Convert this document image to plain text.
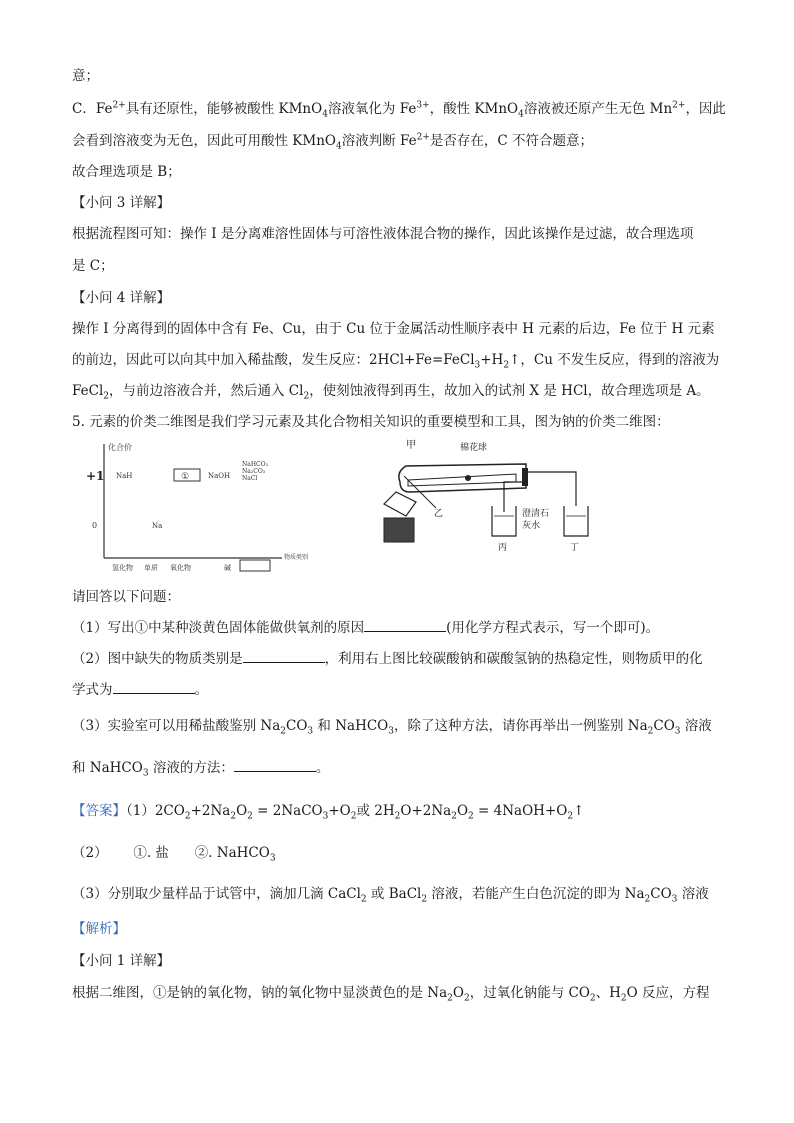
意；
C．$Fe^{2+}$具有还原性，能够被酸性 KMnO$_4$溶液氧化为 $Fe^{3+}$，酸性 KMnO$_4$溶液被还原产生无色 $Mn^{2+}$，因此
会看到溶液变为无色，因此可用酸性 KMnO$_4$溶液判断 $Fe^{2+}$是否存在，C 不符合题意；
故合理选项是 B；
【小问 3 详解】
根据流程图可知：操作 I 是分离难溶性固体与可溶性液体混合物的操作，因此该操作是过滤，故合理选项
是 C；
【小问 4 详解】
操作 I 分离得到的固体中含有 Fe、Cu，由于 Cu 位于金属活动性顺序表中 H 元素的后边，Fe 位于 H 元素
的前边，因此可以向其中加入稀盐酸，发生反应：$2HCl+Fe=FeCl_3+H_2↑$，Cu 不发生反应，得到的溶液为
FeCl$_2$，与前边溶液合并，然后通入 $Cl_2$，使刻蚀液得到再生，故加入的试剂 X 是 HCl，故合理选项是 A。
5. 元素的价类二维图是我们学习元素及其化合物相关知识的重要模型和工具，图为钠的价类二维图：
化合价
+1
0
NaH	①	NaOH
NaHCO₃
Na₂CO₃
NaCl
Na
物质类别
氢化物 单质 氧化物	碱
甲	棉花球
乙	澄清石
灰水
丙	丁
请回答以下问题：
（1）写出①中某种淡黄色固体能做供氧剂的原因	(用化学方程式表示，写一个即可)。
（2）图中缺失的物质类别是	，利用右上图比较碳酸钠和碳酸氢钠的热稳定性，则物质甲的化
学式为	。
（3）实验室可以用稀盐酸鉴别 $Na_2CO_3$ 和 NaHCO$_3$，除了这种方法，请你再举出一例鉴别 $Na_2CO_3$ 溶液
和 NaHCO$_3$ 溶液的方法：	。
【答案】$(1)2CO_2+2Na_2O_2$ = $2NaCO_3+O_2$或 $2H_2O+2Na_2O_2$ = $4NaOH+O_2↑$
（2） ①. 盐 ②. NaHCO$_3$
（3）分别取少量样品于试管中，滴加几滴 CaCl$_2$ 或 BaCl$_2$ 溶液，若能产生白色沉淀的即为 $Na_2CO_3$ 溶液
【解析】
【小问 1 详解】
根据二维图，①是钠的氧化物，钠的氧化物中显淡黄色的是 $Na_2O_2$，过氧化钠能与 $CO_2$、$H_2O$ 反应，方程
